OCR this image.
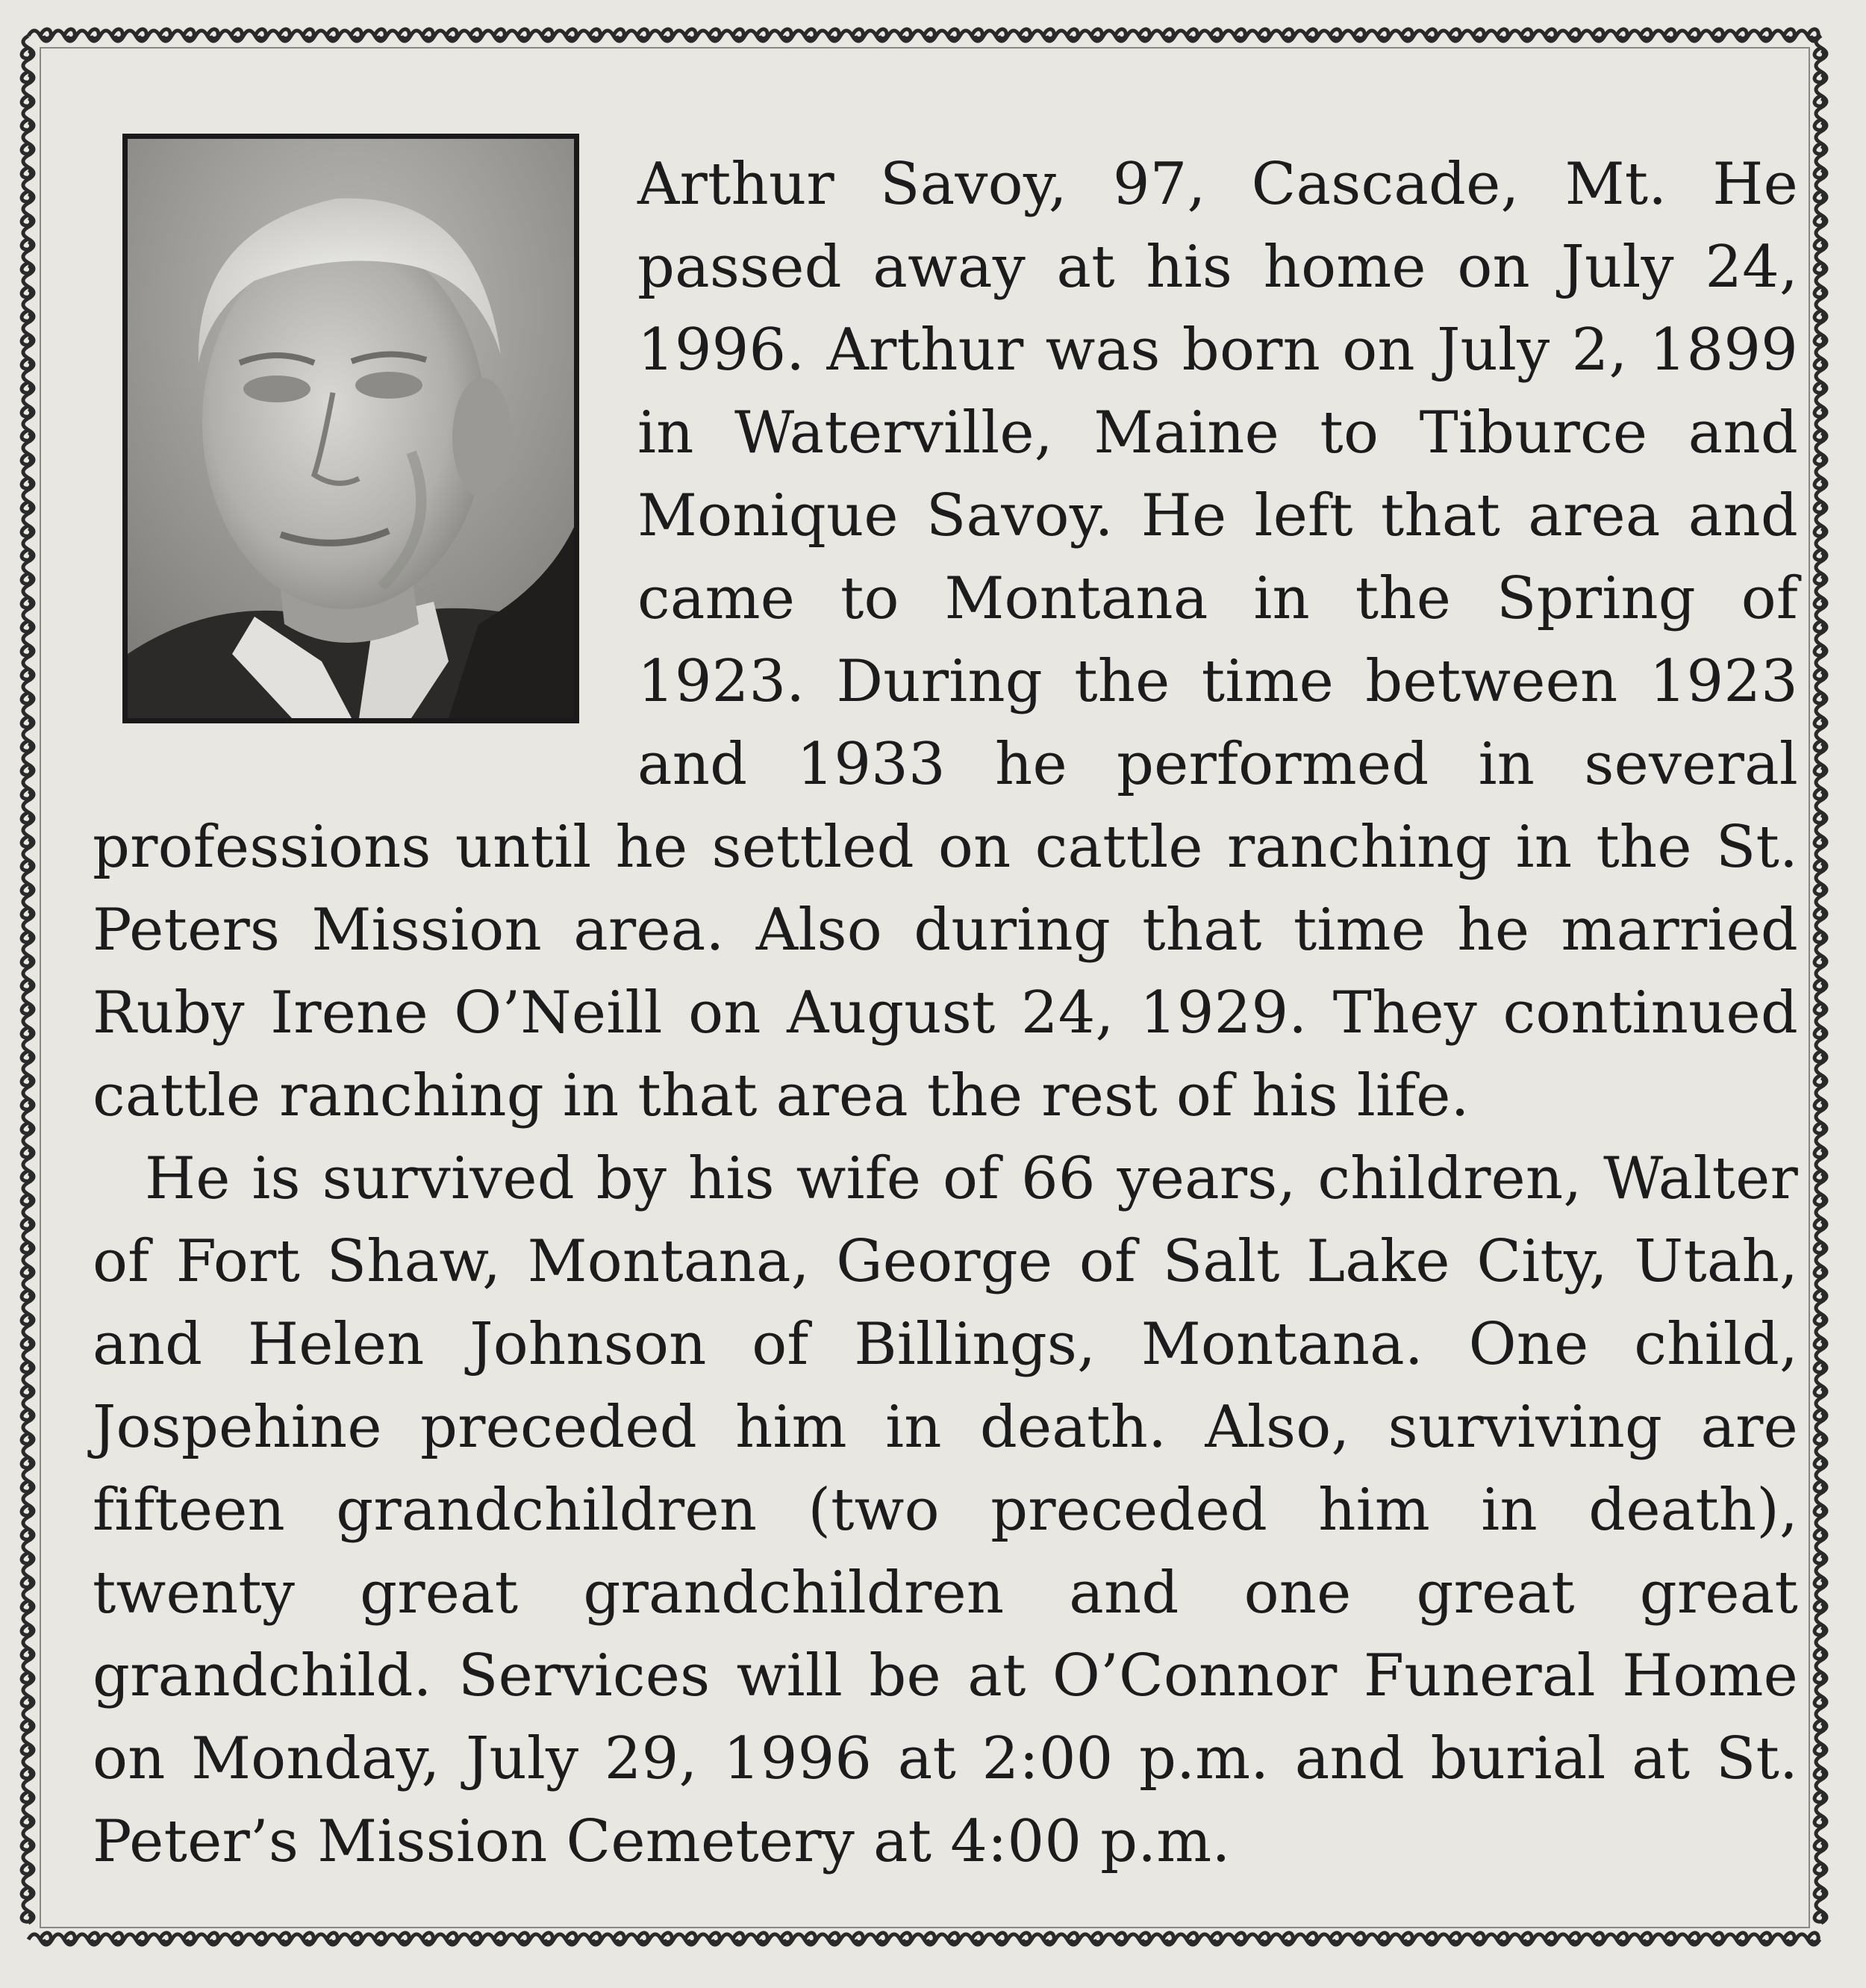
Arthur Savoy, 97, Cascade, Mt. He passed away at his home on July 24, 1996. Arthur was born on July 2, 1899 in Waterville, Maine to Tiburce and Monique Savoy. He left that area and came to Montana in the Spring of 1923. During the time between 1923 and 1933 he performed in several professions until he settled on cattle ranching in the St. Peters Mission area. Also during that time he married Ruby Irene O’Neill on August 24, 1929. They continued cattle ranching in that area the rest of his life.

He is survived by his wife of 66 years, children, Walter of Fort Shaw, Montana, George of Salt Lake City, Utah, and Helen Johnson of Billings, Montana. One child, Jospehine preceded him in death. Also, surviving are fifteen grandchildren (two preceded him in death), twenty great grandchildren and one great great grandchild. Services will be at O’Connor Funeral Home on Monday, July 29, 1996 at 2:00 p.m. and burial at St. Peter’s Mission Cemetery at 4:00 p.m.
